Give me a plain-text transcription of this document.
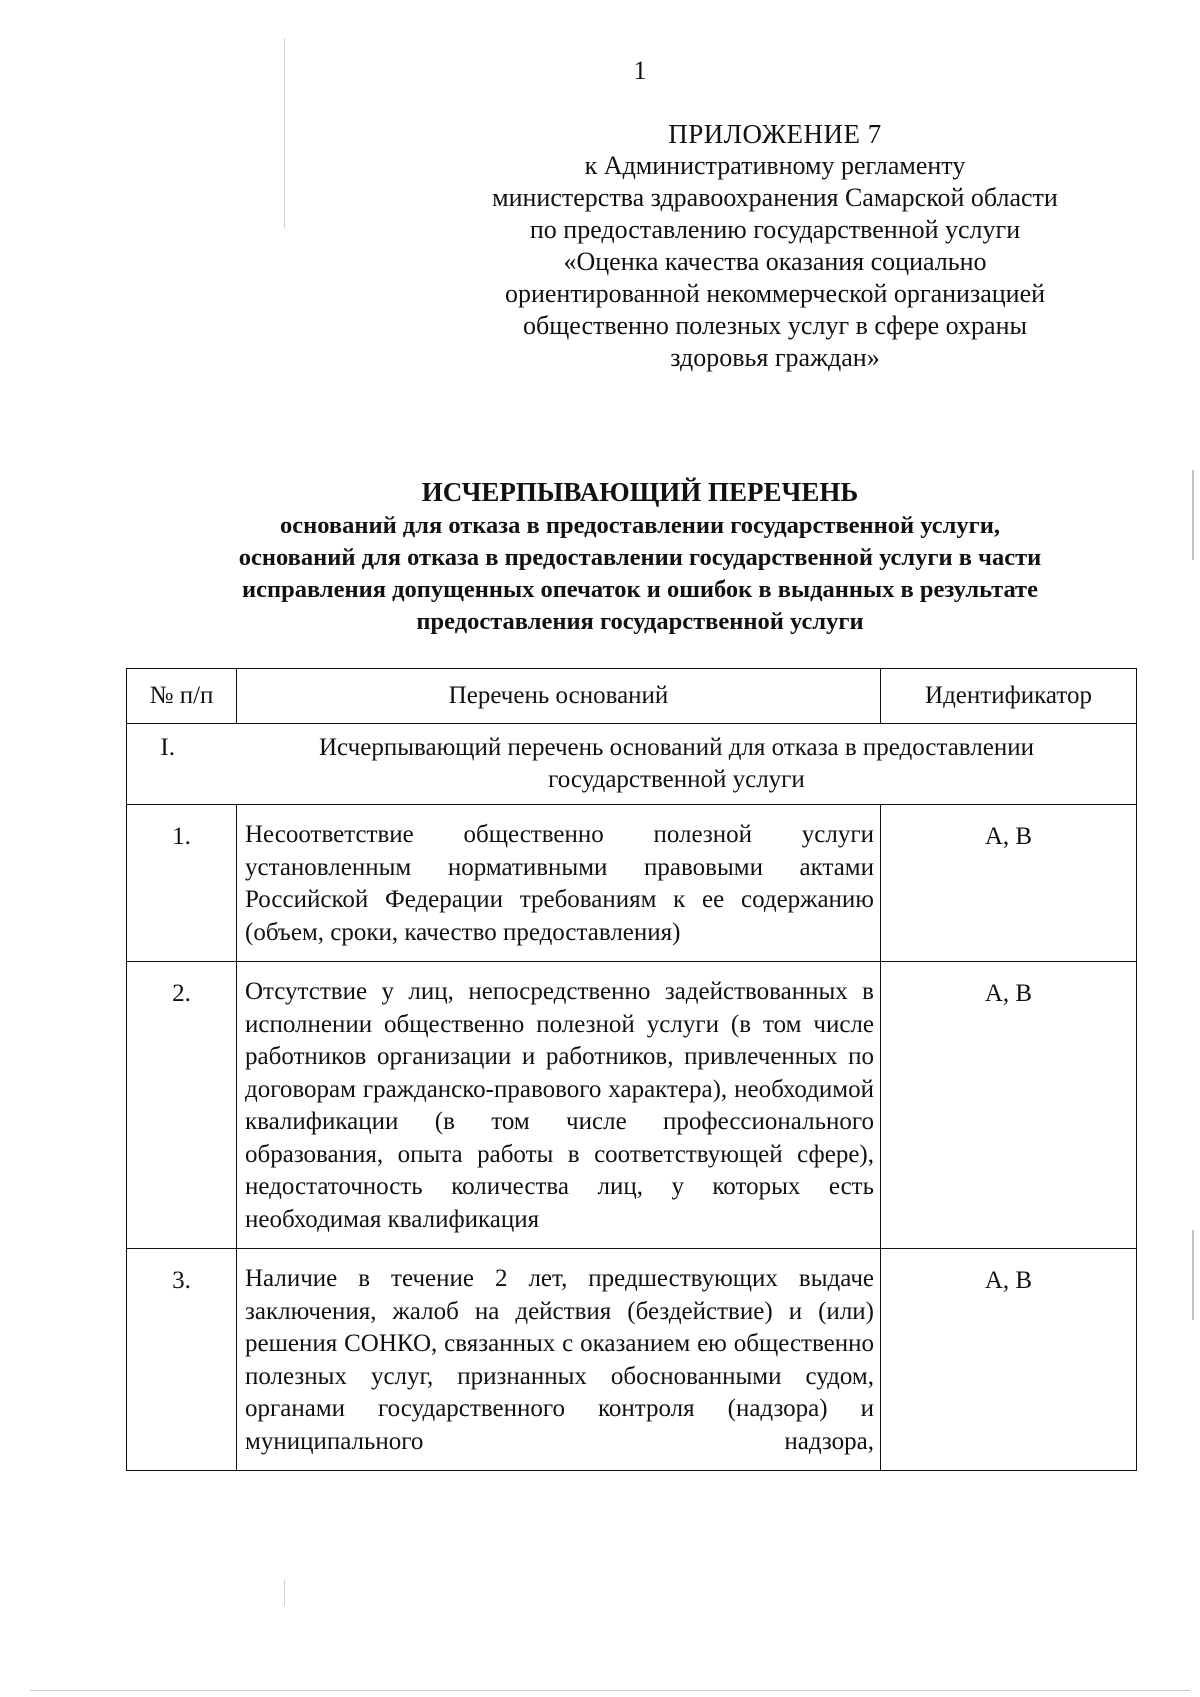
1
ПРИЛОЖЕНИЕ 7
к Административному регламенту
министерства здравоохранения Самарской области
по предоставлению государственной услуги
«Оценка качества оказания социально
ориентированной некоммерческой организацией
общественно полезных услуг в сфере охраны
здоровья граждан»
ИСЧЕРПЫВАЮЩИЙ ПЕРЕЧЕНЬ
оснований для отказа в предоставлении государственной услуги,
оснований для отказа в предоставлении государственной услуги в части
исправления допущенных опечаток и ошибок в выданных в результате
предоставления государственной услуги
№ п/п	Перечень оснований	Идентификатор

I. Исчерпывающий перечень оснований для отказа в предоставлении государственной услуги		

1.	Несоответствие общественно полезной услуги установленным нормативными правовыми актами Российской Федерации требованиям к ее содержанию (объем, сроки, качество предоставления)	А, В
2.	Отсутствие у лиц, непосредственно задействованных в исполнении общественно полезной услуги (в том числе работников организации и работников, привлеченных по договорам гражданско-правового характера), необходимой квалификации (в том числе профессионального образования, опыта работы в соответствующей сфере), недостаточность количества лиц, у которых есть необходимая квалификация	А, В
3.	Наличие в течение 2 лет, предшествующих выдаче заключения, жалоб на действия (бездействие) и (или) решения СОНКО, связанных с оказанием ею общественно полезных услуг, признанных обоснованными судом, органами государственного контроля (надзора) и муниципального надзора,	А, В
